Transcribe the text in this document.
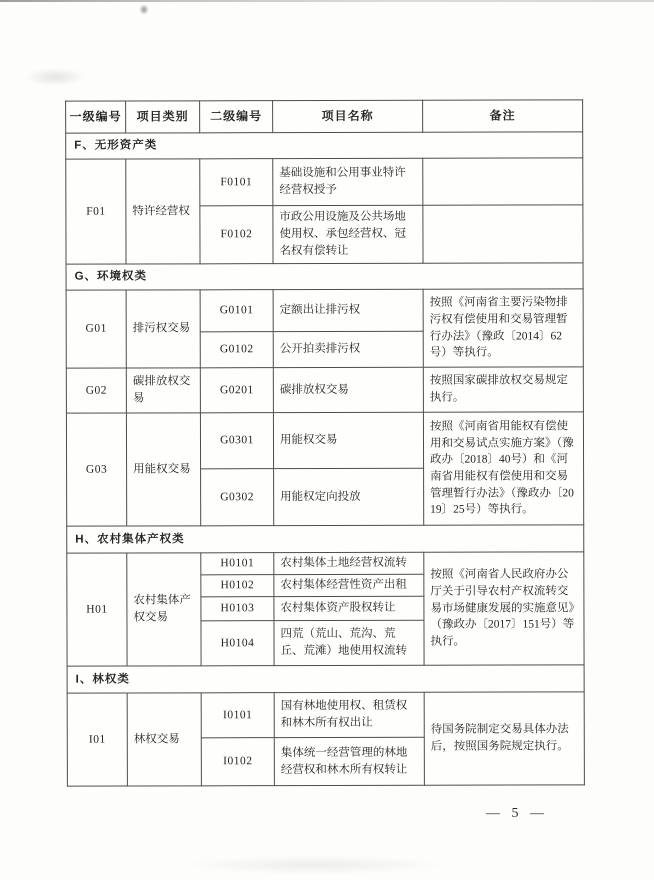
一级编号	项目类别	二级编号	项目名称	备注
F、无形资产类				
F01	特许经营权	F0101	基础设施和公用事业特许经营权授予	
		F0102	市政公用设施及公共场地使用权、承包经营权、冠名权有偿转让	
G、环境权类				
G01	排污权交易	G0101	定额出让排污权	按照《河南省主要污染物排污权有偿使用和交易管理暂行办法》（豫政〔2014〕62号）等执行。
		G0102	公开拍卖排污权	
G02	碳排放权交易	G0201	碳排放权交易	按照国家碳排放权交易规定执行。
G03	用能权交易	G0301	用能权交易	按照《河南省用能权有偿使用和交易试点实施方案》（豫政办〔2018〕40号）和《河南省用能权有偿使用和交易管理暂行办法》（豫政办〔2019〕25号）等执行。
		G0302	用能权定向投放	
H、农村集体产权类				
H01	农村集体产权交易	H0101	农村集体土地经营权流转	按照《河南省人民政府办公厅关于引导农村产权流转交易市场健康发展的实施意见》（豫政办〔2017〕151号）等执行。
		H0102	农村集体经营性资产出租	
		H0103	农村集体资产股权转让	
		H0104	四荒（荒山、荒沟、荒丘、荒滩）地使用权流转	
I、林权类				
I01	林权交易	I0101	国有林地使用权、租赁权和林木所有权出让	待国务院制定交易具体办法后，按照国务院规定执行。
		I0102	集体统一经营管理的林地经营权和林木所有权转让	
— 5 —
